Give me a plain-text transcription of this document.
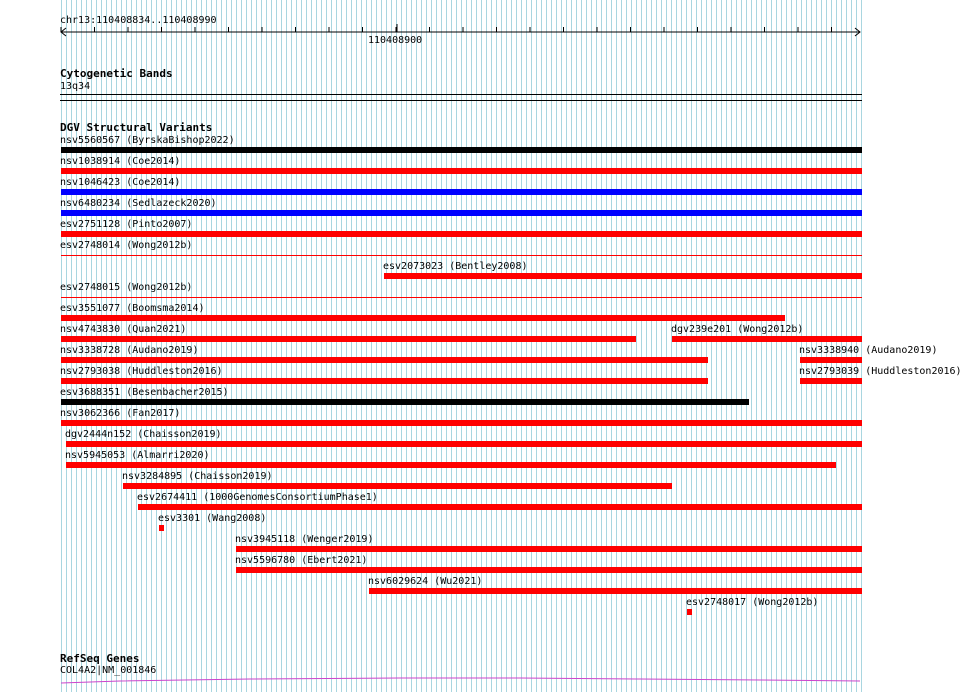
chr13:110408834..110408990
110408900
Cytogenetic Bands
13q34
DGV Structural Variants
nsv5560567 (ByrskaBishop2022)
nsv1038914 (Coe2014)
nsv1046423 (Coe2014)
nsv6480234 (Sedlazeck2020)
esv2751128 (Pinto2007)
esv2748014 (Wong2012b)
esv2073023 (Bentley2008)
esv2748015 (Wong2012b)
esv3551077 (Boomsma2014)
nsv4743830 (Quan2021)	dgv239e201 (Wong2012b)
nsv3338728 (Audano2019)	nsv3338940 (Audano2019)
nsv2793038 (Huddleston2016)	nsv2793039 (Huddleston2016)
esv3688351 (Besenbacher2015)
nsv3062366 (Fan2017)
dgv2444n152 (Chaisson2019)
nsv5945053 (Almarri2020)
nsv3284895 (Chaisson2019)
esv2674411 (1000GenomesConsortiumPhase1)
esv3301 (Wang2008)
nsv3945118 (Wenger2019)
nsv5596780 (Ebert2021)
nsv6029624 (Wu2021)
esv2748017 (Wong2012b)
RefSeq Genes
COL4A2|NM_001846
